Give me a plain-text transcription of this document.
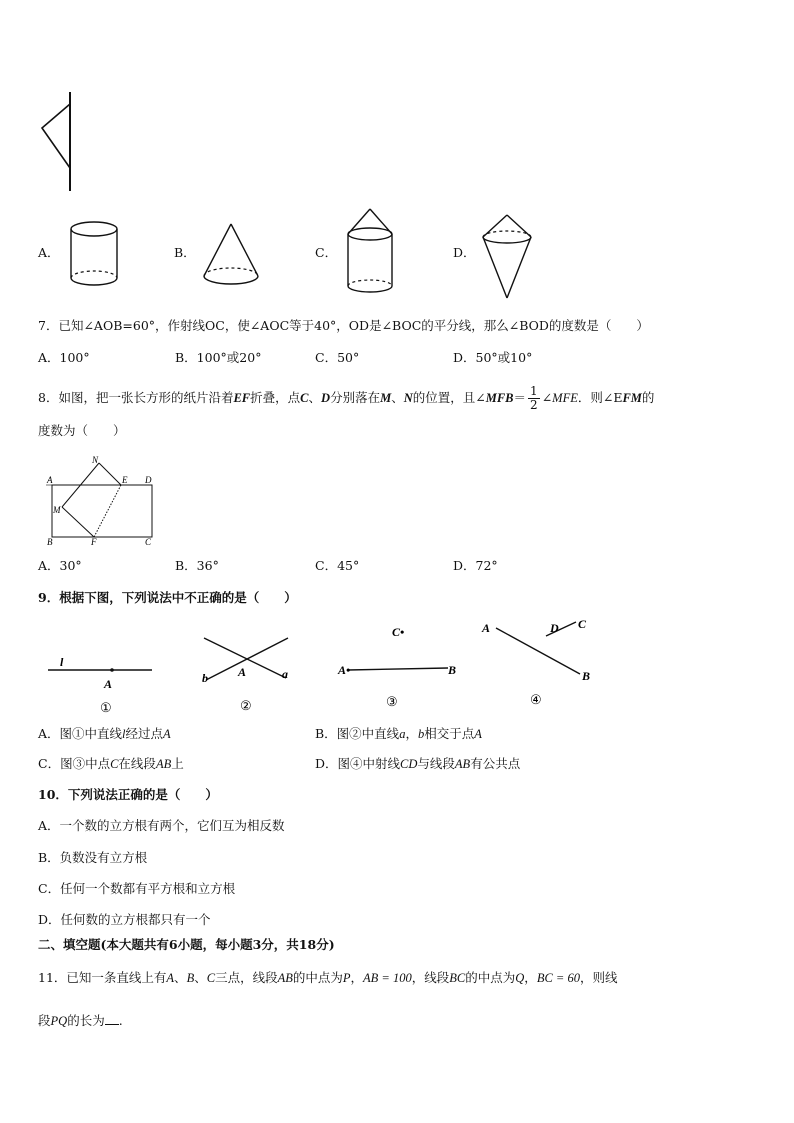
A．	B．	C．	D．
7．已知∠AOB=60°，作射线OC，使∠AOC等于40°，OD是∠BOC的平分线，那么∠BOD的度数是（　　）
A．100°	B．100°或20°	C．50°	D．50°或10°
8．如图，把一张长方形的纸片沿着EF折叠，点C、D分别落在M、N的位置，且∠MFB＝ $\frac{1}{2}$ ∠MFE．则∠EFM的
度数为（　　）
A
N
E D
M
B	F	C
A．30°	B．36°	C．45°	D．72°
9．根据下图，下列说法中不正确的是（　　）
l
A
①
b	A	a
②
C•
A•	B
③
A	D C
B
④
A．图①中直线l经过点A	B．图②中直线a，b相交于点A
C．图③中点C在线段AB上	D．图④中射线CD与线段AB有公共点
10．下列说法正确的是（　　）
A．一个数的立方根有两个，它们互为相反数
B．负数没有立方根
C．任何一个数都有平方根和立方根
D．任何数的立方根都只有一个
二、填空题(本大题共有6小题，每小题3分，共18分)
11．已知一条直线上有A、B、C三点，线段AB的中点为P，AB = 100，线段BC的中点为Q，BC = 60，则线
段PQ的长为 .
